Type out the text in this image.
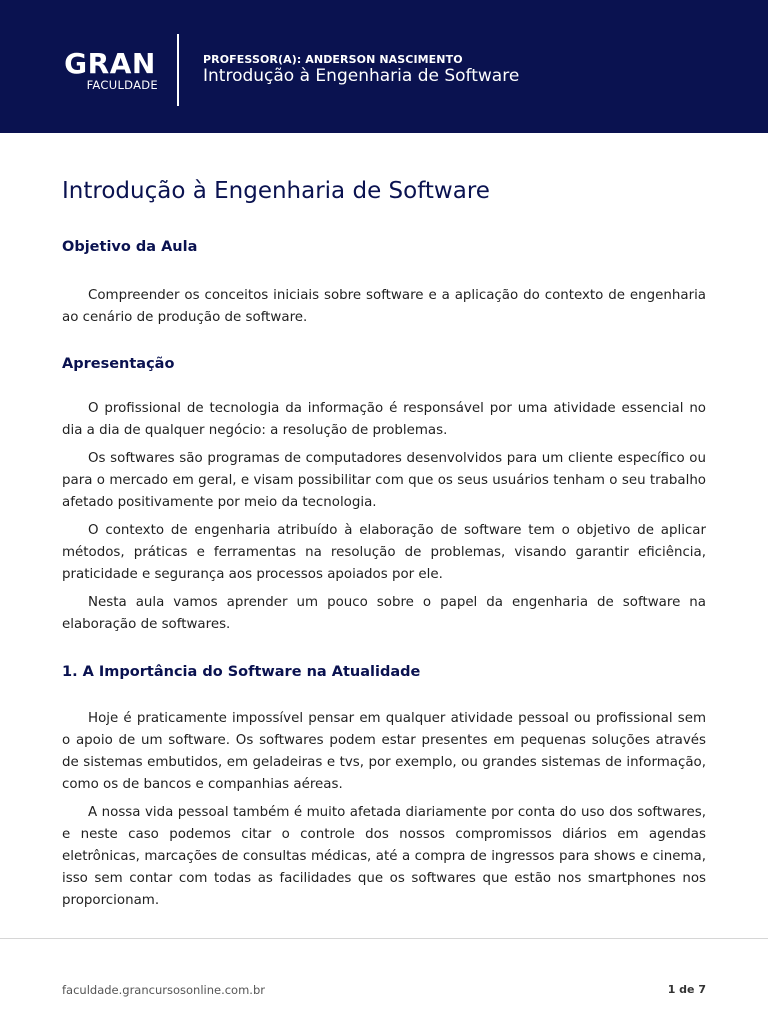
GRAN
FACULDADE
PROFESSOR(A): ANDERSON NASCIMENTO
Introdução à Engenharia de Software
Introdução à Engenharia de Software
Objetivo da Aula

Compreender os conceitos iniciais sobre software e a aplicação do contexto de engenharia ao cenário de produção de software.

Apresentação

O profissional de tecnologia da informação é responsável por uma atividade essencial no dia a dia de qualquer negócio: a resolução de problemas.

Os softwares são programas de computadores desenvolvidos para um cliente específico ou para o mercado em geral, e visam possibilitar com que os seus usuários tenham o seu trabalho afetado positivamente por meio da tecnologia.

O contexto de engenharia atribuído à elaboração de software tem o objetivo de aplicar métodos, práticas e ferramentas na resolução de problemas, visando garantir eficiência, praticidade e segurança aos processos apoiados por ele.

Nesta aula vamos aprender um pouco sobre o papel da engenharia de software na elaboração de softwares.

1. A Importância do Software na Atualidade

Hoje é praticamente impossível pensar em qualquer atividade pessoal ou profissional sem o apoio de um software. Os softwares podem estar presentes em pequenas soluções através de sistemas embutidos, em geladeiras e tvs, por exemplo, ou grandes sistemas de informação, como os de bancos e companhias aéreas.

A nossa vida pessoal também é muito afetada diariamente por conta do uso dos softwares, e neste caso podemos citar o controle dos nossos compromissos diários em agendas eletrônicas, marcações de consultas médicas, até a compra de ingressos para shows e cinema, isso sem contar com todas as facilidades que os softwares que estão nos smartphones nos proporcionam.

faculdade.grancursosonline.com.br	1 de 7
